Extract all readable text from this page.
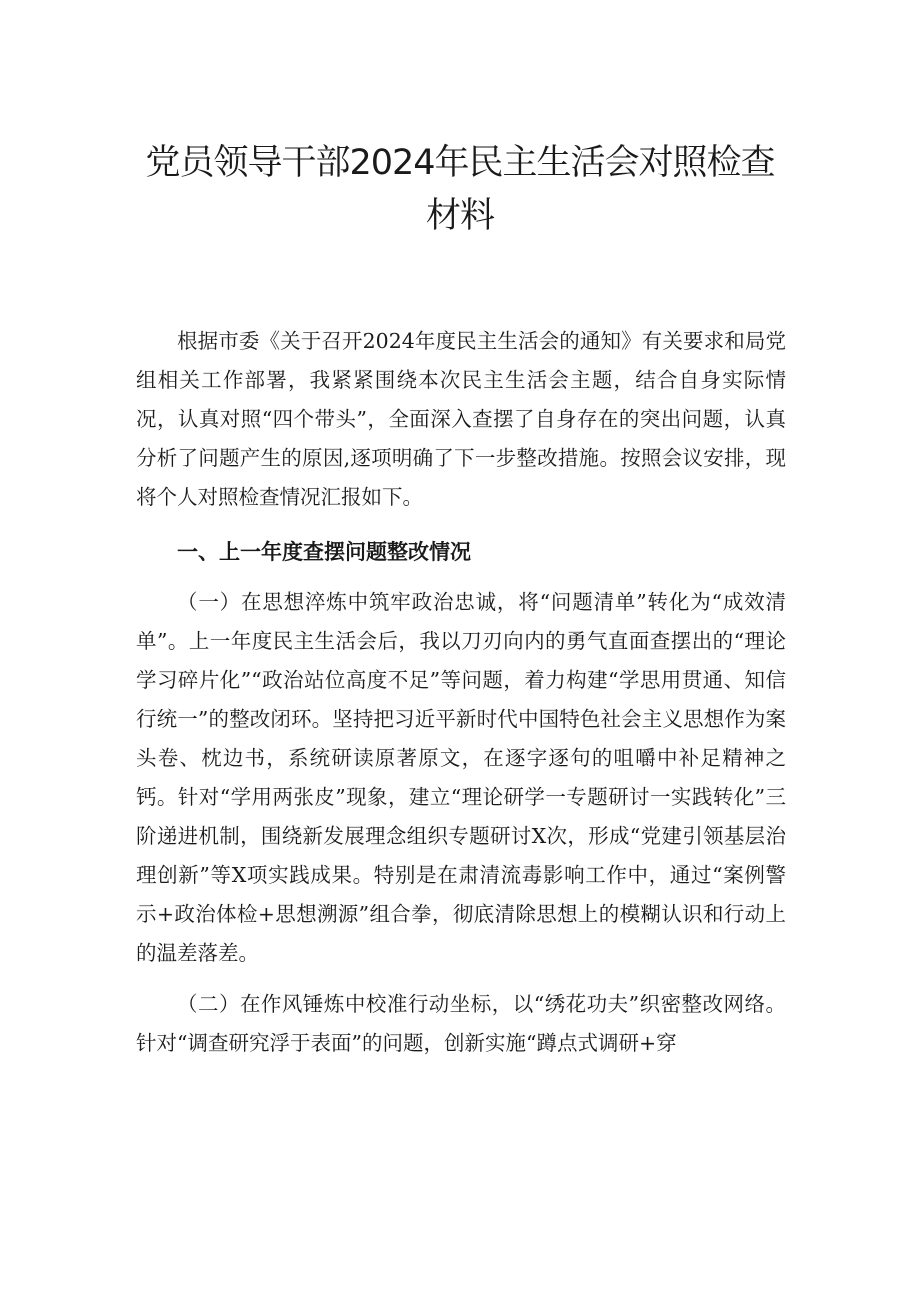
党员领导干部2024年民主生活会对照检查
材料

根据市委《关于召开2024年度民主生活会的通知》有关要求和局党组相关工作部署，我紧紧围绕本次民主生活会主题，结合自身实际情况，认真对照“四个带头”，全面深入查摆了自身存在的突出问题，认真分析了问题产生的原因,逐项明确了下一步整改措施。按照会议安排，现将个人对照检查情况汇报如下。

一、上一年度查摆问题整改情况

（一）在思想淬炼中筑牢政治忠诚，将“问题清单”转化为“成效清单”。上一年度民主生活会后，我以刀刃向内的勇气直面查摆出的“理论学习碎片化”“政治站位高度不足”等问题，着力构建“学思用贯通、知信行统一”的整改闭环。坚持把习近平新时代中国特色社会主义思想作为案头卷、枕边书，系统研读原著原文，在逐字逐句的咀嚼中补足精神之钙。针对“学用两张皮”现象，建立“理论研学一专题研讨一实践转化”三阶递进机制，围绕新发展理念组织专题研讨X次，形成“党建引领基层治理创新”等X项实践成果。特别是在肃清流毒影响工作中，通过“案例警示+政治体检+思想溯源”组合拳，彻底清除思想上的模糊认识和行动上的温差落差。

（二）在作风锤炼中校准行动坐标，以“绣花功夫”织密整改网络。针对“调查研究浮于表面”的问题，创新实施“蹲点式调研+穿
